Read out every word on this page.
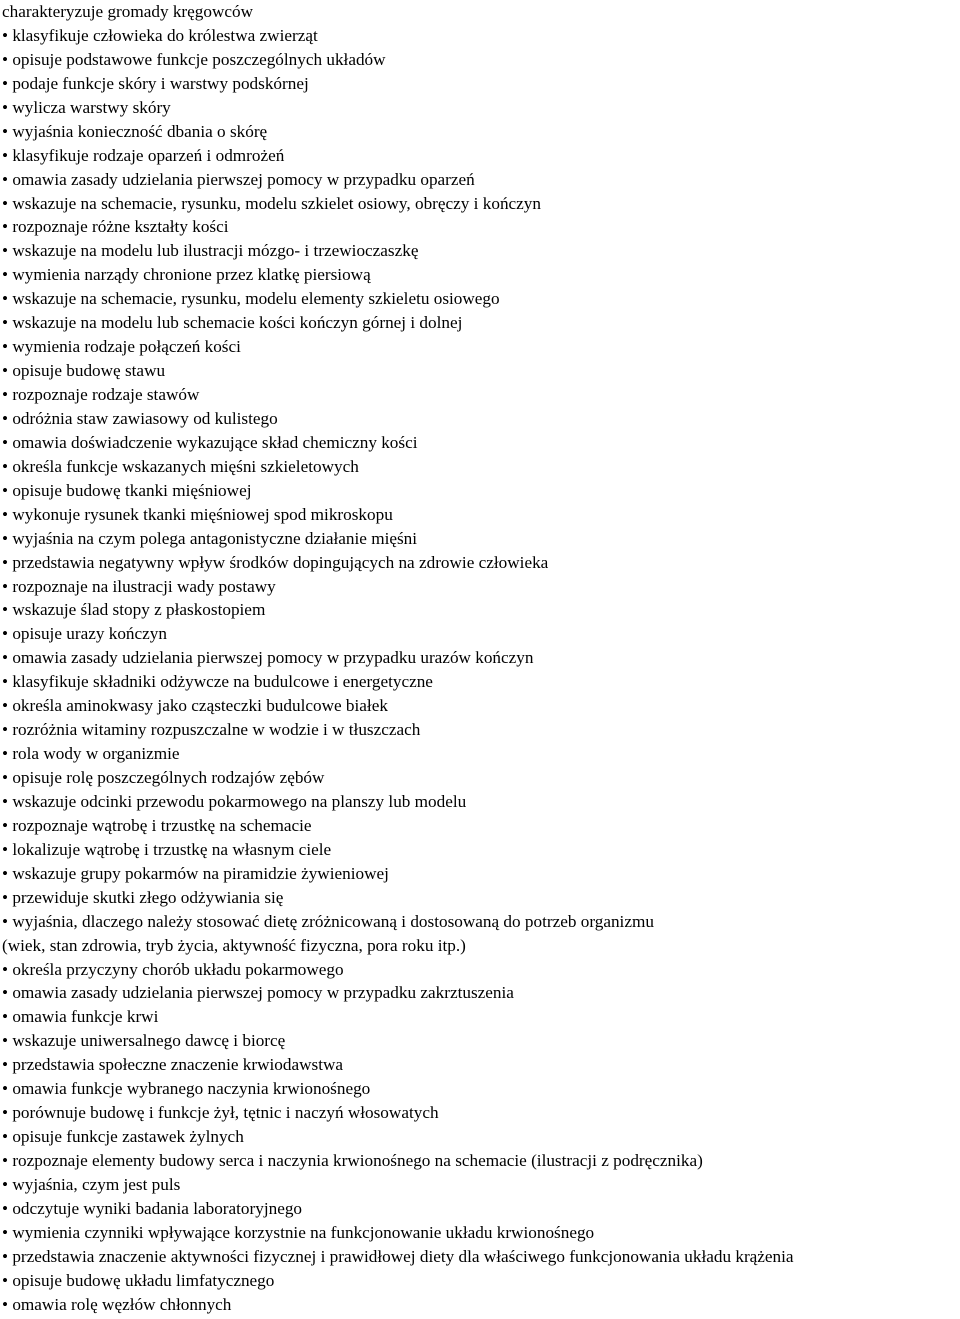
charakteryzuje gromady kręgowców
• klasyfikuje człowieka do królestwa zwierząt
• opisuje podstawowe funkcje poszczególnych układów
• podaje funkcje skóry i warstwy podskórnej
• wylicza warstwy skóry
• wyjaśnia konieczność dbania o skórę
• klasyfikuje rodzaje oparzeń i odmrożeń
• omawia zasady udzielania pierwszej pomocy w przypadku oparzeń
• wskazuje na schemacie, rysunku, modelu szkielet osiowy, obręczy i kończyn
• rozpoznaje różne kształty kości
• wskazuje na modelu lub ilustracji mózgo- i trzewioczaszkę
• wymienia narządy chronione przez klatkę piersiową
• wskazuje na schemacie, rysunku, modelu elementy szkieletu osiowego
• wskazuje na modelu lub schemacie kości kończyn górnej i dolnej
• wymienia rodzaje połączeń kości
• opisuje budowę stawu
• rozpoznaje rodzaje stawów
• odróżnia staw zawiasowy od kulistego
• omawia doświadczenie wykazujące skład chemiczny kości
• określa funkcje wskazanych mięśni szkieletowych
• opisuje budowę tkanki mięśniowej
• wykonuje rysunek tkanki mięśniowej spod mikroskopu
• wyjaśnia na czym polega antagonistyczne działanie mięśni
• przedstawia negatywny wpływ środków dopingujących na zdrowie człowieka
• rozpoznaje na ilustracji wady postawy
• wskazuje ślad stopy z płaskostopiem
• opisuje urazy kończyn
• omawia zasady udzielania pierwszej pomocy w przypadku urazów kończyn
• klasyfikuje składniki odżywcze na budulcowe i energetyczne
• określa aminokwasy jako cząsteczki budulcowe białek
• rozróżnia witaminy rozpuszczalne w wodzie i w tłuszczach
• rola wody w organizmie
• opisuje rolę poszczególnych rodzajów zębów
• wskazuje odcinki przewodu pokarmowego na planszy lub modelu
• rozpoznaje wątrobę i trzustkę na schemacie
• lokalizuje wątrobę i trzustkę na własnym ciele
• wskazuje grupy pokarmów na piramidzie żywieniowej
• przewiduje skutki złego odżywiania się
• wyjaśnia, dlaczego należy stosować dietę zróżnicowaną i dostosowaną do potrzeb organizmu
(wiek, stan zdrowia, tryb życia, aktywność fizyczna, pora roku itp.)
• określa przyczyny chorób układu pokarmowego
• omawia zasady udzielania pierwszej pomocy w przypadku zakrztuszenia
• omawia funkcje krwi
• wskazuje uniwersalnego dawcę i biorcę
• przedstawia społeczne znaczenie krwiodawstwa
• omawia funkcje wybranego naczynia krwionośnego
• porównuje budowę i funkcje żył, tętnic i naczyń włosowatych
• opisuje funkcje zastawek żylnych
• rozpoznaje elementy budowy serca i naczynia krwionośnego na schemacie (ilustracji z podręcznika)
• wyjaśnia, czym jest puls
• odczytuje wyniki badania laboratoryjnego
• wymienia czynniki wpływające korzystnie na funkcjonowanie układu krwionośnego
• przedstawia znaczenie aktywności fizycznej i prawidłowej diety dla właściwego funkcjonowania układu krążenia
• opisuje budowę układu limfatycznego
• omawia rolę węzłów chłonnych
